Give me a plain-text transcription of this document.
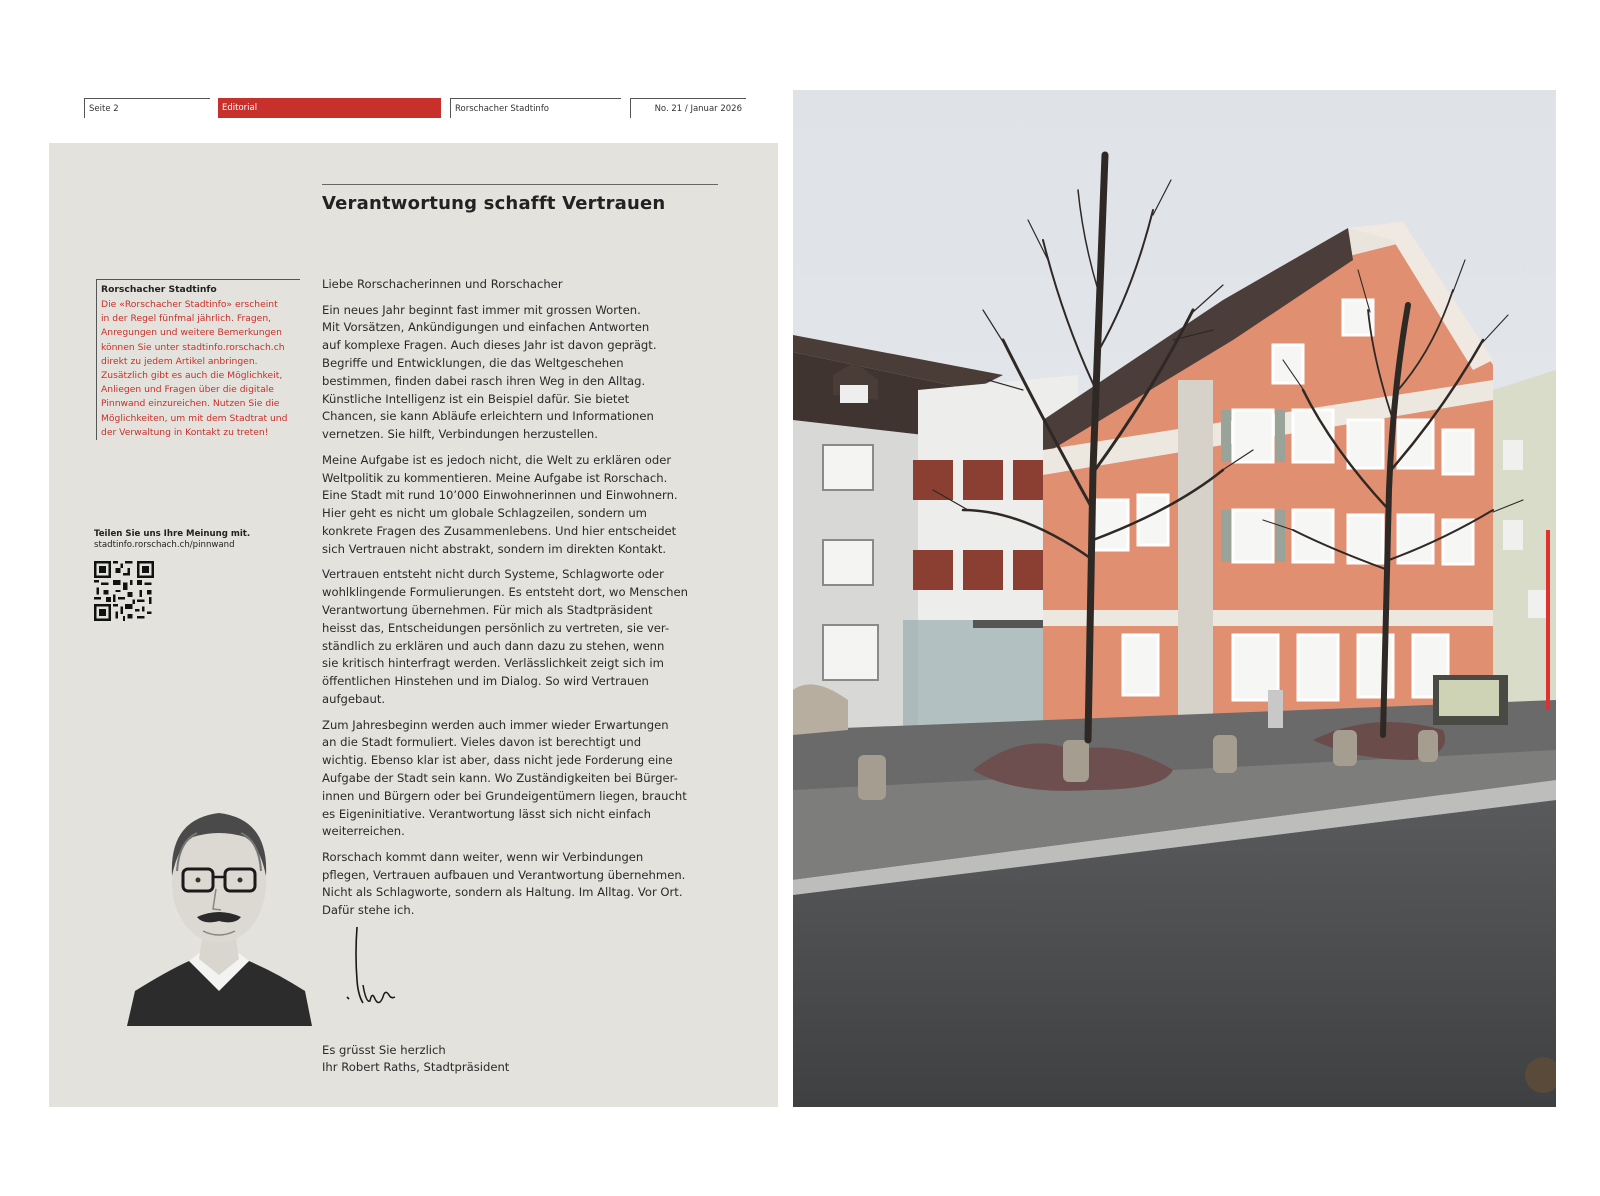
Seite 2	Editorial	Rorschacher Stadtinfo	No. 21 / Januar 2026
Verantwortung schafft Vertrauen
Rorschacher Stadtinfo
Die «Rorschacher Stadtinfo» erscheint
in der Regel fünfmal jährlich. Fragen,
Anregungen und weitere Bemerkungen
können Sie unter stadtinfo.rorschach.ch
direkt zu jedem Artikel anbringen.
Zusätzlich gibt es auch die Möglichkeit,
Anliegen und Fragen über die digitale
Pinnwand einzureichen. Nutzen Sie die
Möglichkeiten, um mit dem Stadtrat und
der Verwaltung in Kontakt zu treten!
Teilen Sie uns Ihre Meinung mit.
stadtinfo.rorschach.ch/pinnwand

Liebe Rorschacherinnen und Rorschacher

Ein neues Jahr beginnt fast immer mit grossen Worten.
Mit Vorsätzen, Ankündigungen und einfachen Antworten
auf komplexe Fragen. Auch dieses Jahr ist davon geprägt.
Begriffe und Entwicklungen, die das Weltgeschehen
bestimmen, finden dabei rasch ihren Weg in den Alltag.
Künstliche Intelligenz ist ein Beispiel dafür. Sie bietet
Chancen, sie kann Abläufe erleichtern und Informationen
vernetzen. Sie hilft, Verbindungen herzustellen.

Meine Aufgabe ist es jedoch nicht, die Welt zu erklären oder
Weltpolitik zu kommentieren. Meine Aufgabe ist Rorschach.
Eine Stadt mit rund 10’000 Einwohnerinnen und Einwohnern.
Hier geht es nicht um globale Schlagzeilen, sondern um
konkrete Fragen des Zusammenlebens. Und hier entscheidet
sich Vertrauen nicht abstrakt, sondern im direkten Kontakt.

Vertrauen entsteht nicht durch Systeme, Schlagworte oder
wohlklingende Formulierungen. Es entsteht dort, wo Menschen
Verantwortung übernehmen. Für mich als Stadtpräsident
heisst das, Entscheidungen persönlich zu vertreten, sie ver-
ständlich zu erklären und auch dann dazu zu stehen, wenn
sie kritisch hinterfragt werden. Verlässlichkeit zeigt sich im
öffentlichen Hinstehen und im Dialog. So wird Vertrauen
aufgebaut.

Zum Jahresbeginn werden auch immer wieder Erwartungen
an die Stadt formuliert. Vieles davon ist berechtigt und
wichtig. Ebenso klar ist aber, dass nicht jede Forderung eine
Aufgabe der Stadt sein kann. Wo Zuständigkeiten bei Bürger-
innen und Bürgern oder bei Grundeigentümern liegen, braucht
es Eigeninitiative. Verantwortung lässt sich nicht einfach
weiterreichen.

Rorschach kommt dann weiter, wenn wir Verbindungen
pflegen, Vertrauen aufbauen und Verantwortung übernehmen.
Nicht als Schlagworte, sondern als Haltung. Im Alltag. Vor Ort.
Dafür stehe ich.

Es grüsst Sie herzlich
Ihr Robert Raths, Stadtpräsident
